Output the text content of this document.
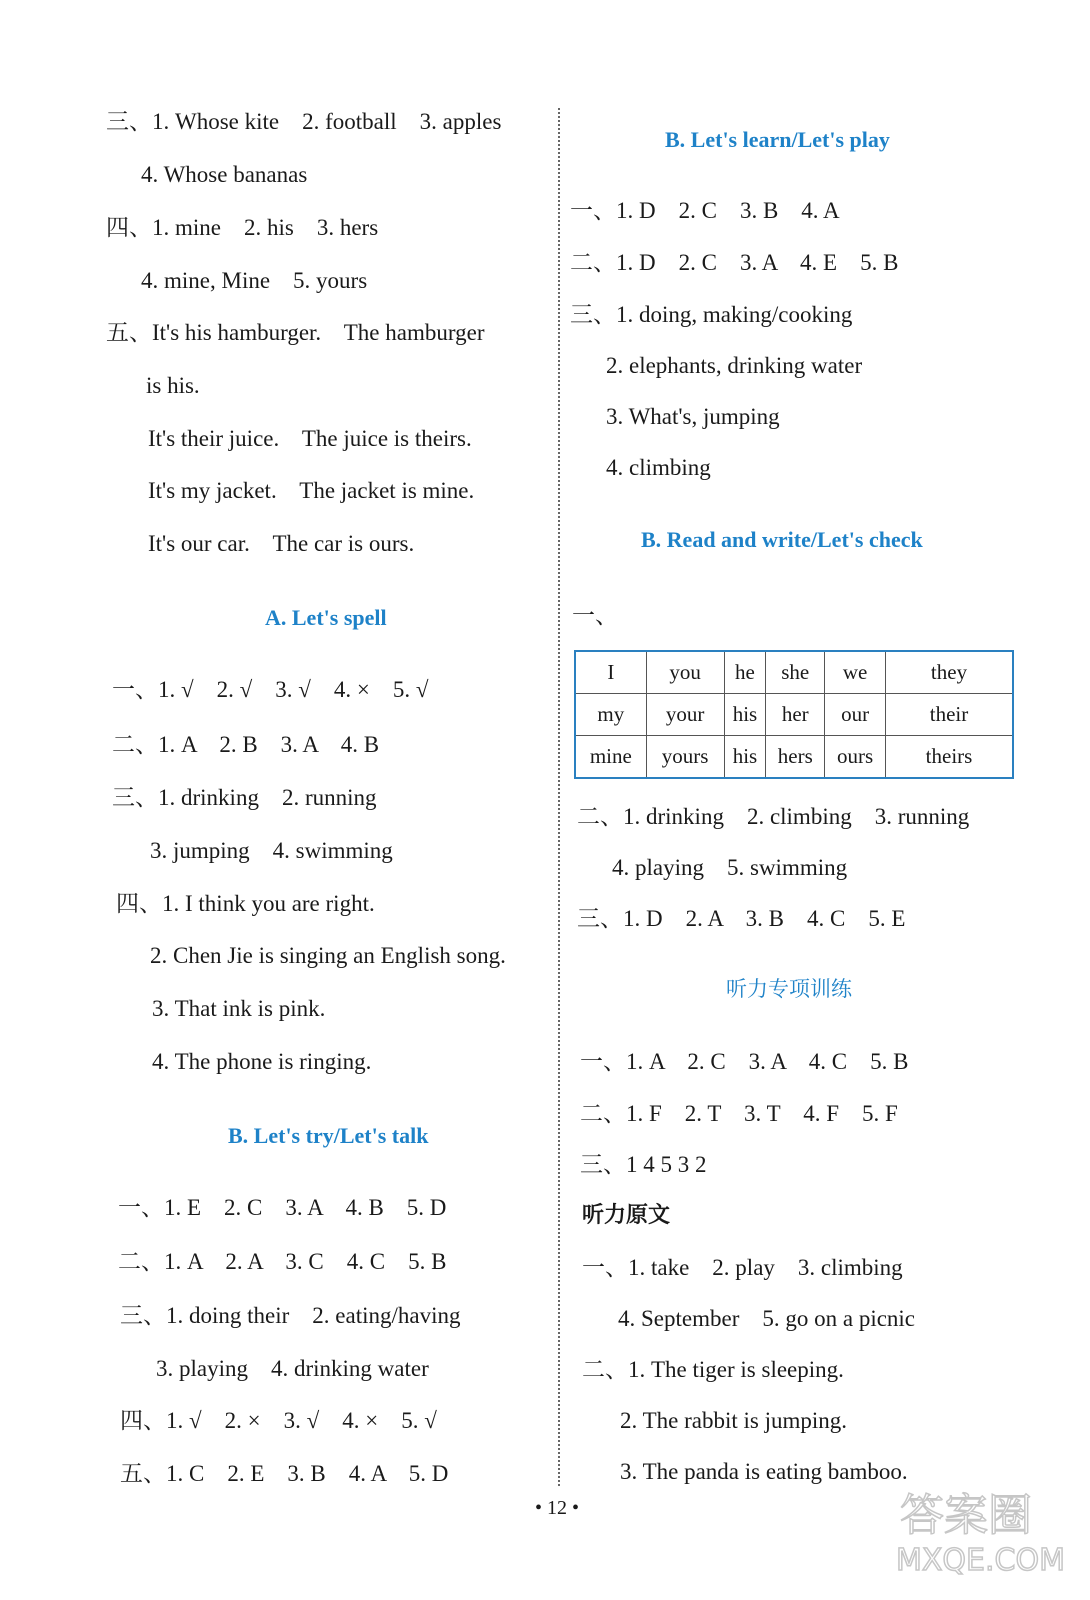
三、1. Whose kite    2. football    3. apples
4. Whose bananas
四、1. mine    2. his    3. hers
4. mine, Mine    5. yours
五、It's his hamburger.    The hamburger
is his.
It's their juice.    The juice is theirs.
It's my jacket.    The jacket is mine.
It's our car.    The car is ours.
A. Let's spell
一、1. √    2. √    3. √    4. ×    5. √
二、1. A    2. B    3. A    4. B
三、1. drinking    2. running
3. jumping    4. swimming
四、1. I think you are right.
2. Chen Jie is singing an English song.
3. That ink is pink.
4. The phone is ringing.
B. Let's try/Let's talk
一、1. E    2. C    3. A    4. B    5. D
二、1. A    2. A    3. C    4. C    5. B
三、1. doing their    2. eating/having
3. playing    4. drinking water
四、1. √    2. ×    3. √    4. ×    5. √
五、1. C    2. E    3. B    4. A    5. D
B. Let's learn/Let's play
一、1. D    2. C    3. B    4. A
二、1. D    2. C    3. A    4. E    5. B
三、1. doing, making/cooking
2. elephants, drinking water
3. What's, jumping
4. climbing
B. Read and write/Let's check
一、
I	you	he	she	we	they
my	your	his	her	our	their
mine	yours	his	hers	ours	theirs
二、1. drinking    2. climbing    3. running
4. playing    5. swimming
三、1. D    2. A    3. B    4. C    5. E
听力专项训练
一、1. A    2. C    3. A    4. C    5. B
二、1. F    2. T    3. T    4. F    5. F
三、1 4 5 3 2
听力原文
一、1. take    2. play    3. climbing
4. September    5. go on a picnic
二、1. The tiger is sleeping.
2. The rabbit is jumping.
3. The panda is eating bamboo.
• 12 •	答案圈
MXQE.COM
